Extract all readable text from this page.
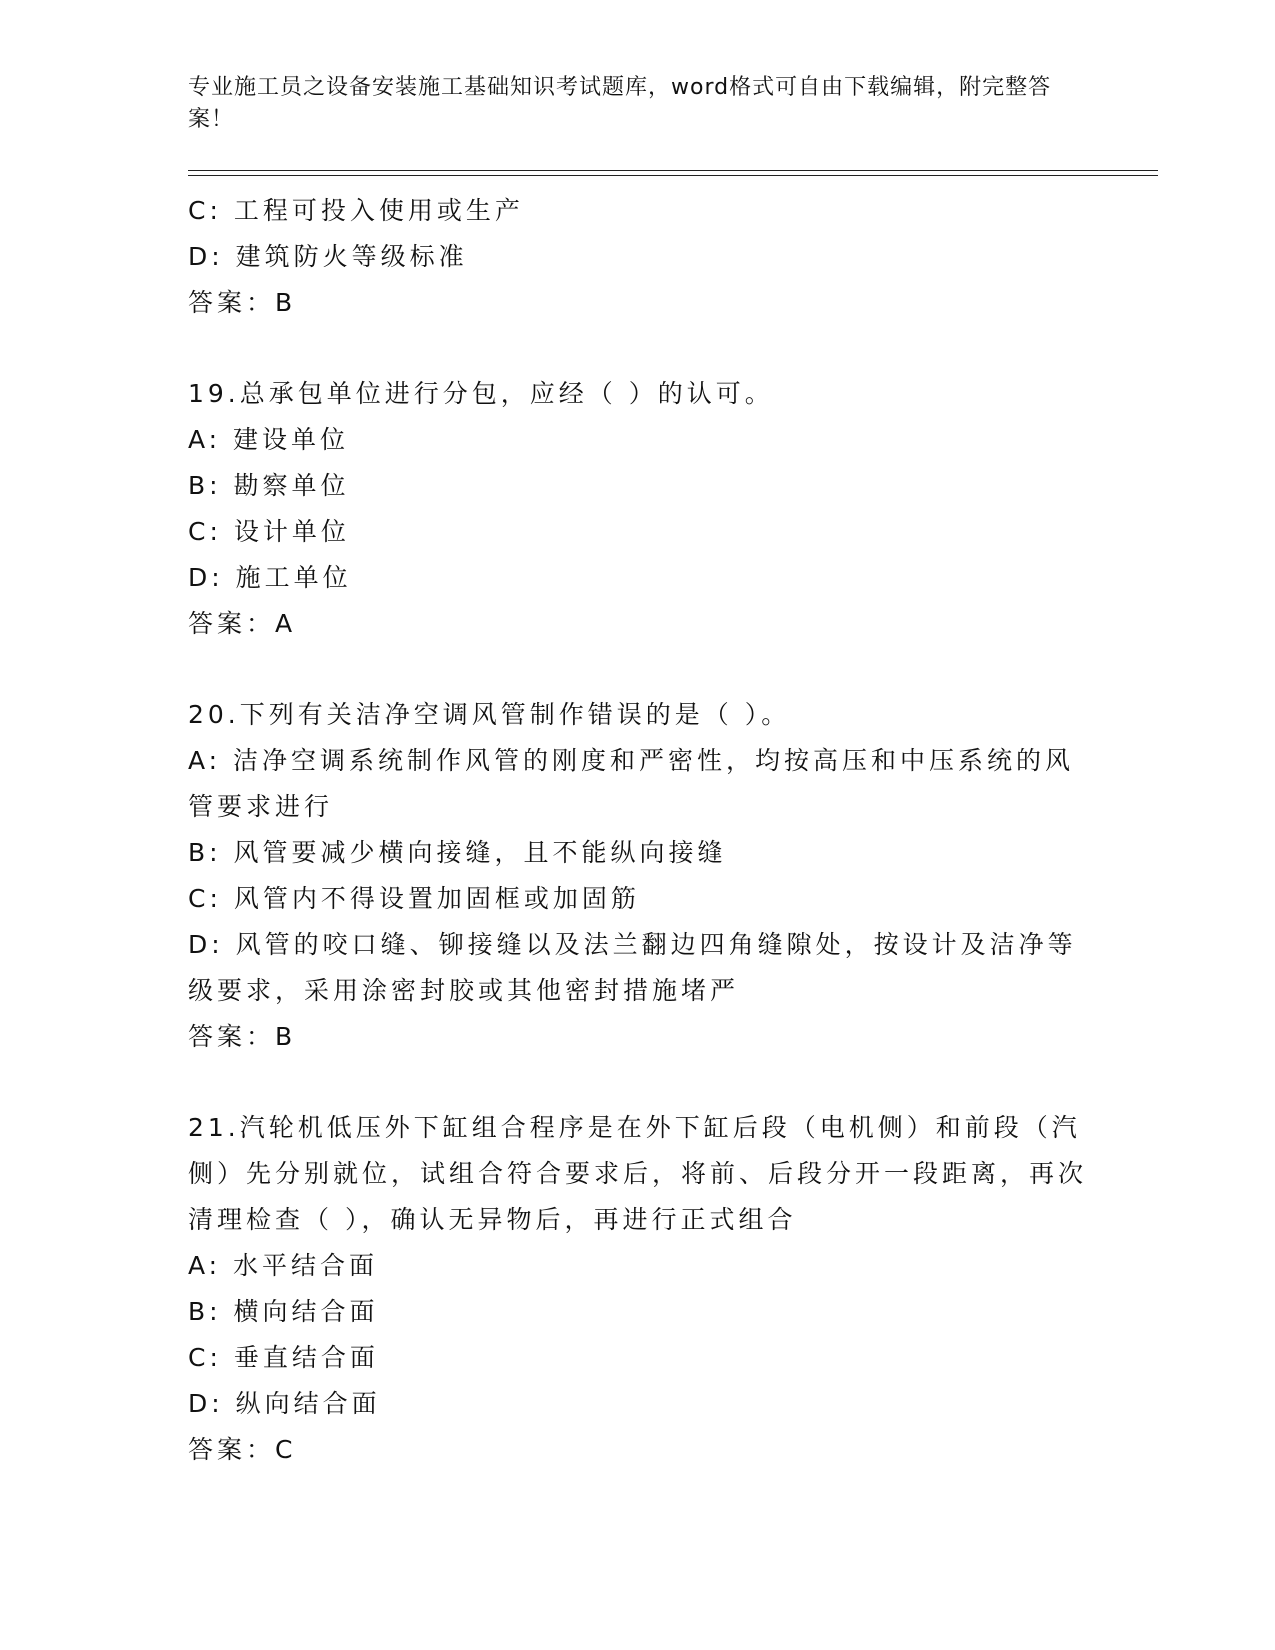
专业施工员之设备安装施工基础知识考试题库，word格式可自由下载编辑，附完整答案！
C: 工程可投入使用或生产
D: 建筑防火等级标准
答案：B
19.总承包单位进行分包，应经（ ）的认可。
A: 建设单位
B: 勘察单位
C: 设计单位
D: 施工单位
答案：A
20.下列有关洁净空调风管制作错误的是（ ）。
A: 洁净空调系统制作风管的刚度和严密性，均按高压和中压系统的风管要求进行
B: 风管要减少横向接缝，且不能纵向接缝
C: 风管内不得设置加固框或加固筋
D: 风管的咬口缝、铆接缝以及法兰翻边四角缝隙处，按设计及洁净等级要求，采用涂密封胶或其他密封措施堵严
答案：B
21.汽轮机低压外下缸组合程序是在外下缸后段（电机侧）和前段（汽侧）先分别就位，试组合符合要求后，将前、后段分开一段距离，再次清理检查（ ），确认无异物后，再进行正式组合
A: 水平结合面
B: 横向结合面
C: 垂直结合面
D: 纵向结合面
答案：C
